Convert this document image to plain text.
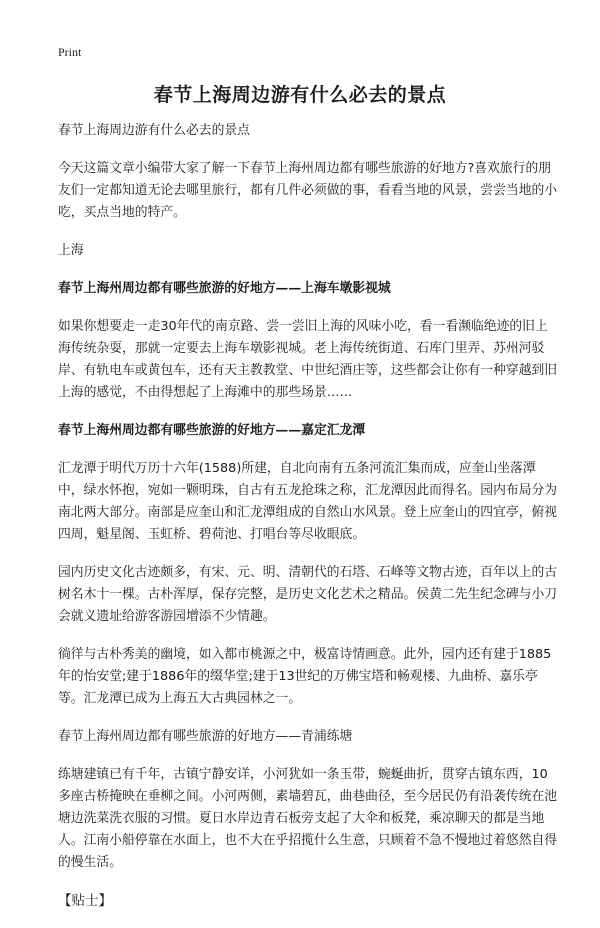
Print
春节上海周边游有什么必去的景点

春节上海周边游有什么必去的景点

今天这篇文章小编带大家了解一下春节上海州周边都有哪些旅游的好地方?喜欢旅行的朋友们一定都知道无论去哪里旅行，都有几件必须做的事，看看当地的风景，尝尝当地的小吃，买点当地的特产。

上海

春节上海州周边都有哪些旅游的好地方——上海车墩影视城

如果你想要走一走30年代的南京路、尝一尝旧上海的风味小吃，看一看濒临绝迹的旧上海传统杂耍，那就一定要去上海车墩影视城。老上海传统街道、石库门里弄、苏州河驳岸、有轨电车或黄包车，还有天主教教堂、中世纪酒庄等，这些都会让你有一种穿越到旧上海的感觉，不由得想起了上海滩中的那些场景……

春节上海州周边都有哪些旅游的好地方——嘉定汇龙潭

汇龙潭于明代万历十六年(1588)所建，自北向南有五条河流汇集而成，应奎山坐落潭中，绿水怀抱，宛如一颗明珠，自古有五龙抢珠之称，汇龙潭因此而得名。园内布局分为南北两大部分。南部是应奎山和汇龙潭组成的自然山水风景。登上应奎山的四宜亭，俯视四周，魁星阁、玉虹桥、碧荷池、打唱台等尽收眼底。

园内历史文化古迹颇多，有宋、元、明、清朝代的石塔、石峰等文物古迹，百年以上的古树名木十一棵。古朴浑厚，保存完整，是历史文化艺术之精品。侯黄二先生纪念碑与小刀会就义遗址给游客游园增添不少情趣。

徜徉与古朴秀美的幽境，如入都市桃源之中，极富诗情画意。此外，园内还有建于1885年的怡安堂;建于1886年的缀华堂;建于13世纪的万佛宝塔和畅观楼、九曲桥、嘉乐亭等。汇龙潭已成为上海五大古典园林之一。

春节上海州周边都有哪些旅游的好地方——青浦练塘

练塘建镇已有千年，古镇宁静安详，小河犹如一条玉带，蜿蜒曲折，贯穿古镇东西，10多座古桥掩映在垂柳之间。小河两侧，素墙碧瓦，曲巷曲径，至今居民仍有沿袭传统在池塘边洗菜洗衣服的习惯。夏日水岸边青石板旁支起了大伞和板凳，乘凉聊天的都是当地人。江南小船停靠在水面上，也不大在乎招揽什么生意，只顾着不急不慢地过着悠然自得的慢生活。

【贴士】
